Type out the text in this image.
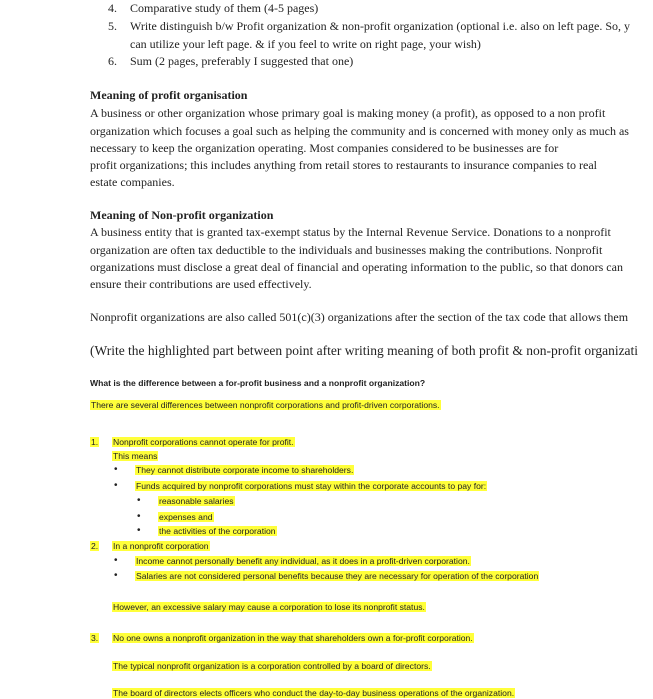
4. Comparative study of them (4-5 pages)
5. Write distinguish b/w Profit organization & non-profit organization (optional i.e. also on left page. So, y
can utilize your left page. & if you feel to write on right page, your wish)
6. Sum (2 pages, preferably I suggested that one)
Meaning of profit organisation
A business or other organization whose primary goal is making money (a profit), as opposed to a non profit
organization which focuses a goal such as helping the community and is concerned with money only as much as
necessary to keep the organization operating. Most companies considered to be businesses are for
profit organizations; this includes anything from retail stores to restaurants to insurance companies to real
estate companies.
Meaning of Non-profit organization
A business entity that is granted tax-exempt status by the Internal Revenue Service. Donations to a nonprofit
organization are often tax deductible to the individuals and businesses making the contributions. Nonprofit
organizations must disclose a great deal of financial and operating information to the public, so that donors can
ensure their contributions are used effectively.
Nonprofit organizations are also called 501(c)(3) organizations after the section of the tax code that allows them
(Write the highlighted part between point after writing meaning of both profit & non-profit organizati
What is the difference between a for-profit business and a nonprofit organization?
There are several differences between nonprofit corporations and profit-driven corporations.
1. Nonprofit corporations cannot operate for profit.
This means
• They cannot distribute corporate income to shareholders.
• Funds acquired by nonprofit corporations must stay within the corporate accounts to pay for:
• reasonable salaries
• expenses and
• the activities of the corporation
2. In a nonprofit corporation
• Income cannot personally benefit any individual, as it does in a profit-driven corporation.
• Salaries are not considered personal benefits because they are necessary for operation of the corporation
However, an excessive salary may cause a corporation to lose its nonprofit status.
3. No one owns a nonprofit organization in the way that shareholders own a for-profit corporation.
The typical nonprofit organization is a corporation controlled by a board of directors.
The board of directors elects officers who conduct the day-to-day business operations of the organization.
